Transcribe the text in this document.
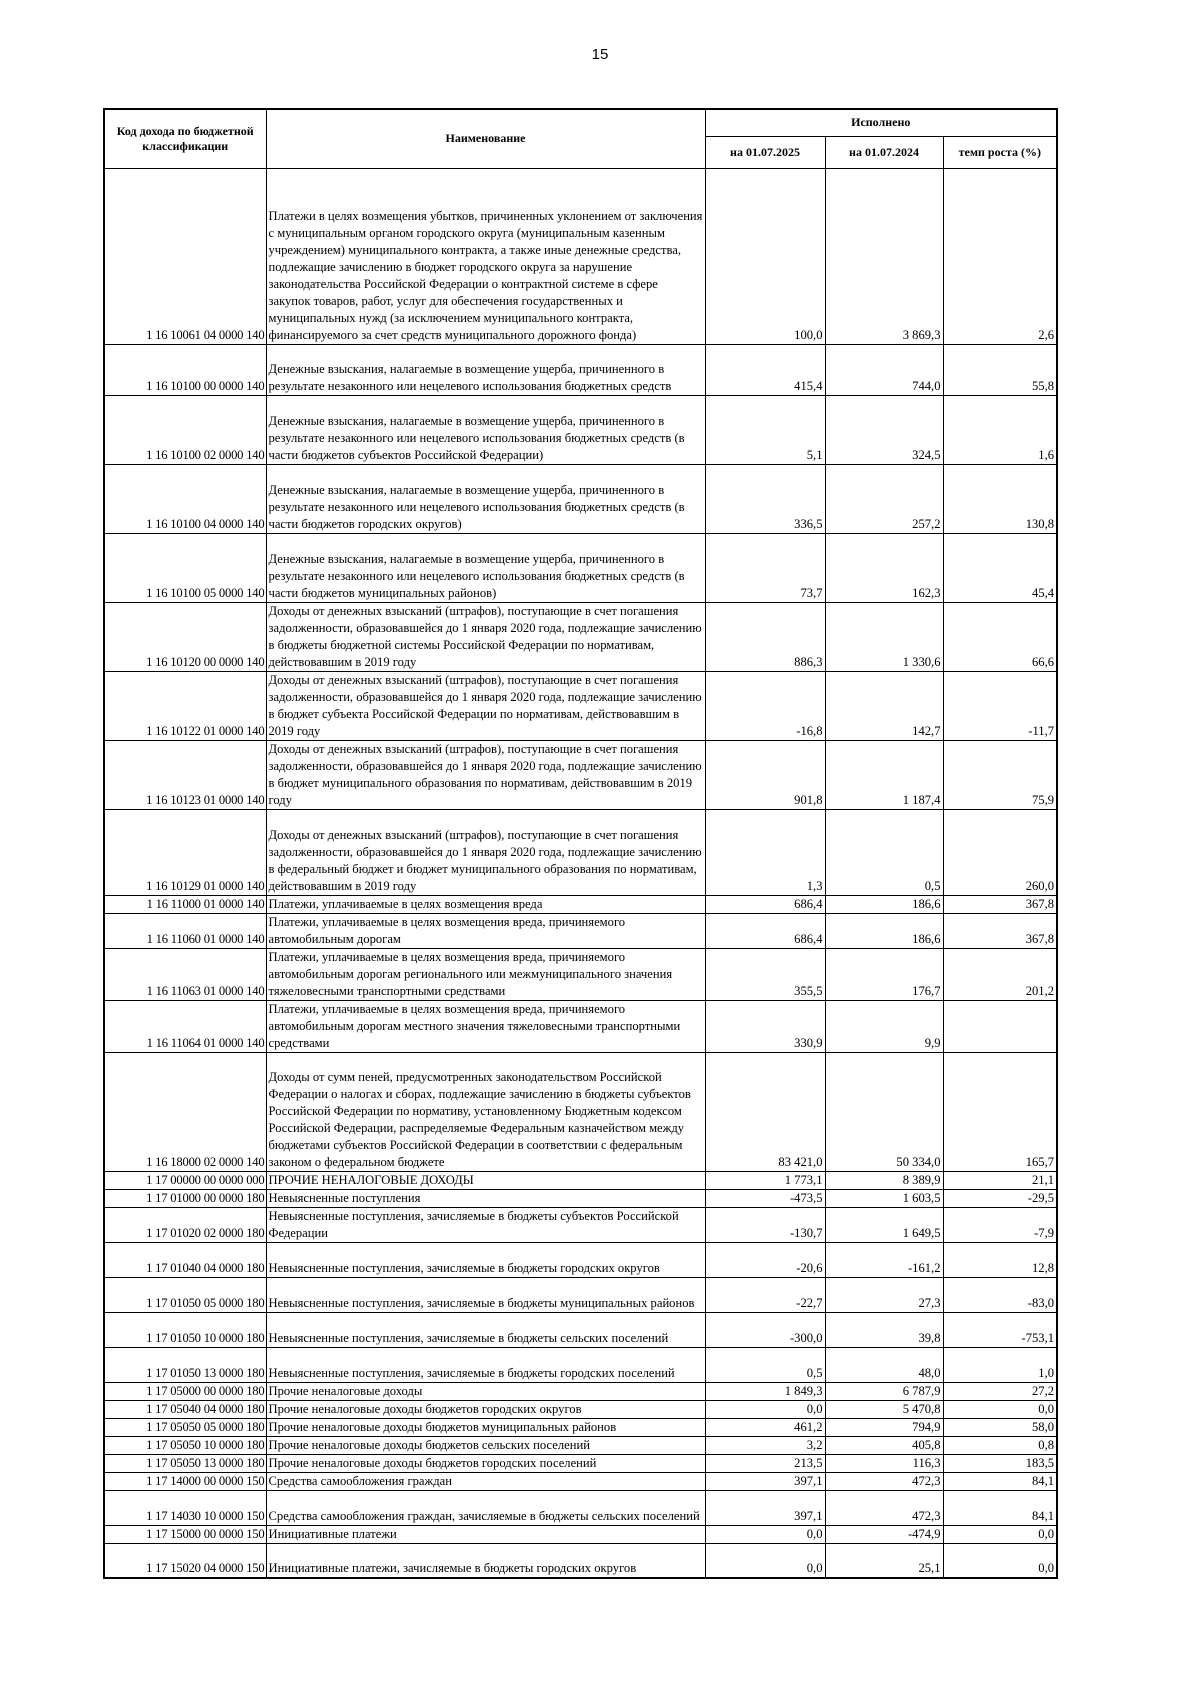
15
Код дохода по бюджетной классификации	Наименование	Исполнено		
		на 01.07.2025	на 01.07.2024	темп роста (%)
1 16 10061 04 0000 140	Платежи в целях возмещения убытков, причиненных уклонением от заключения с муниципальным органом городского округа (муниципальным казенным учреждением) муниципального контракта, а также иные денежные средства, подлежащие зачислению в бюджет городского округа за нарушение законодательства Российской Федерации о контрактной системе в сфере закупок товаров, работ, услуг для обеспечения государственных и муниципальных нужд (за исключением муниципального контракта, финансируемого за счет средств муниципального дорожного фонда)	100,0	3 869,3	2,6
1 16 10100 00 0000 140	Денежные взыскания, налагаемые в возмещение ущерба, причиненного в результате незаконного или нецелевого использования бюджетных средств	415,4	744,0	55,8
1 16 10100 02 0000 140	Денежные взыскания, налагаемые в возмещение ущерба, причиненного в результате незаконного или нецелевого использования бюджетных средств (в части бюджетов субъектов Российской Федерации)	5,1	324,5	1,6
1 16 10100 04 0000 140	Денежные взыскания, налагаемые в возмещение ущерба, причиненного в результате незаконного или нецелевого использования бюджетных средств (в части бюджетов городских округов)	336,5	257,2	130,8
1 16 10100 05 0000 140	Денежные взыскания, налагаемые в возмещение ущерба, причиненного в результате незаконного или нецелевого использования бюджетных средств (в части бюджетов муниципальных районов)	73,7	162,3	45,4
1 16 10120 00 0000 140	Доходы от денежных взысканий (штрафов), поступающие в счет погашения задолженности, образовавшейся до 1 января 2020 года, подлежащие зачислению в бюджеты бюджетной системы Российской Федерации по нормативам, действовавшим в 2019 году	886,3	1 330,6	66,6
1 16 10122 01 0000 140	Доходы от денежных взысканий (штрафов), поступающие в счет погашения задолженности, образовавшейся до 1 января 2020 года, подлежащие зачислению в бюджет субъекта Российской Федерации по нормативам, действовавшим в 2019 году	-16,8	142,7	-11,7
1 16 10123 01 0000 140	Доходы от денежных взысканий (штрафов), поступающие в счет погашения задолженности, образовавшейся до 1 января 2020 года, подлежащие зачислению в бюджет муниципального образования по нормативам, действовавшим в 2019 году	901,8	1 187,4	75,9
1 16 10129 01 0000 140	Доходы от денежных взысканий (штрафов), поступающие в счет погашения задолженности, образовавшейся до 1 января 2020 года, подлежащие зачислению в федеральный бюджет и бюджет муниципального образования по нормативам, действовавшим в 2019 году	1,3	0,5	260,0
1 16 11000 01 0000 140	Платежи, уплачиваемые в целях возмещения вреда	686,4	186,6	367,8
1 16 11060 01 0000 140	Платежи, уплачиваемые в целях возмещения вреда, причиняемого автомобильным дорогам	686,4	186,6	367,8
1 16 11063 01 0000 140	Платежи, уплачиваемые в целях возмещения вреда, причиняемого автомобильным дорогам регионального или межмуниципального значения тяжеловесными транспортными средствами	355,5	176,7	201,2
1 16 11064 01 0000 140	Платежи, уплачиваемые в целях возмещения вреда, причиняемого автомобильным дорогам местного значения тяжеловесными транспортными средствами	330,9	9,9	
1 16 18000 02 0000 140	Доходы от сумм пеней, предусмотренных законодательством Российской Федерации о налогах и сборах, подлежащие зачислению в бюджеты субъектов Российской Федерации по нормативу, установленному Бюджетным кодексом Российской Федерации, распределяемые Федеральным казначейством между бюджетами субъектов Российской Федерации в соответствии с федеральным законом о федеральном бюджете	83 421,0	50 334,0	165,7
1 17 00000 00 0000 000	ПРОЧИЕ НЕНАЛОГОВЫЕ ДОХОДЫ	1 773,1	8 389,9	21,1
1 17 01000 00 0000 180	Невыясненные поступления	-473,5	1 603,5	-29,5
1 17 01020 02 0000 180	Невыясненные поступления, зачисляемые в бюджеты субъектов Российской Федерации	-130,7	1 649,5	-7,9
1 17 01040 04 0000 180	Невыясненные поступления, зачисляемые в бюджеты городских округов	-20,6	-161,2	12,8
1 17 01050 05 0000 180	Невыясненные поступления, зачисляемые в бюджеты муниципальных районов	-22,7	27,3	-83,0
1 17 01050 10 0000 180	Невыясненные поступления, зачисляемые в бюджеты сельских поселений	-300,0	39,8	-753,1
1 17 01050 13 0000 180	Невыясненные поступления, зачисляемые в бюджеты городских поселений	0,5	48,0	1,0
1 17 05000 00 0000 180	Прочие неналоговые доходы	1 849,3	6 787,9	27,2
1 17 05040 04 0000 180	Прочие неналоговые доходы бюджетов городских округов	0,0	5 470,8	0,0
1 17 05050 05 0000 180	Прочие неналоговые доходы бюджетов муниципальных районов	461,2	794,9	58,0
1 17 05050 10 0000 180	Прочие неналоговые доходы бюджетов сельских поселений	3,2	405,8	0,8
1 17 05050 13 0000 180	Прочие неналоговые доходы бюджетов городских поселений	213,5	116,3	183,5
1 17 14000 00 0000 150	Средства самообложения граждан	397,1	472,3	84,1
1 17 14030 10 0000 150	Средства самообложения граждан, зачисляемые в бюджеты сельских поселений	397,1	472,3	84,1
1 17 15000 00 0000 150	Инициативные платежи	0,0	-474,9	0,0
1 17 15020 04 0000 150	Инициативные платежи, зачисляемые в бюджеты городских округов	0,0	25,1	0,0
